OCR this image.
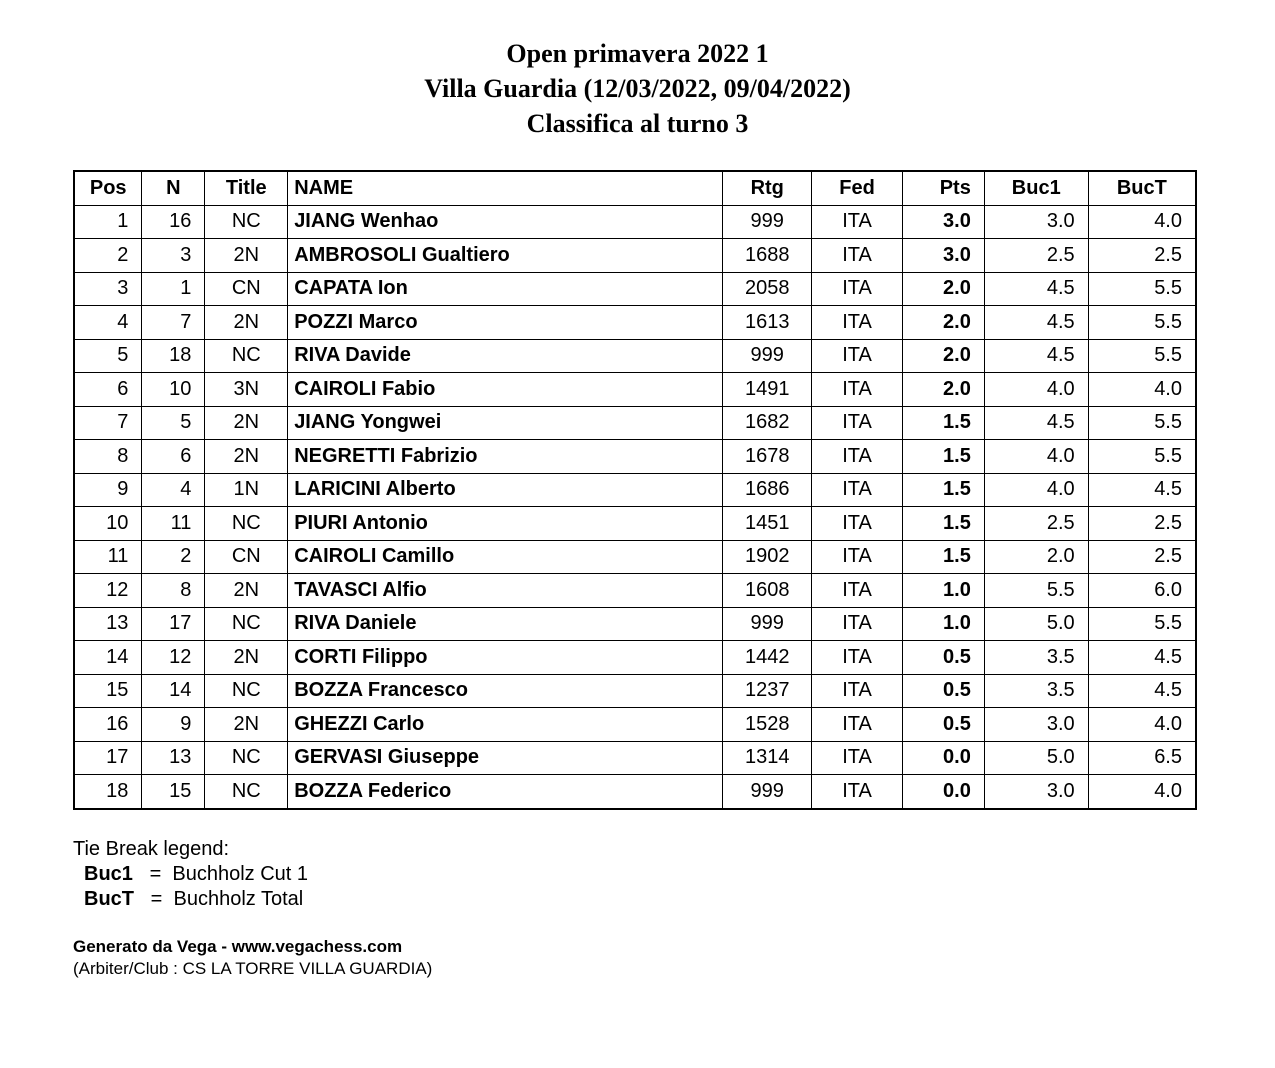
Open primavera 2022 1
Villa Guardia (12/03/2022, 09/04/2022)
Classifica al turno 3
Pos	N	Title	NAME	Rtg	Fed	Pts	Buc1	BucT
1	16	NC	JIANG Wenhao	999	ITA	3.0	3.0	4.0
2	3	2N	AMBROSOLI Gualtiero	1688	ITA	3.0	2.5	2.5
3	1	CN	CAPATA Ion	2058	ITA	2.0	4.5	5.5
4	7	2N	POZZI Marco	1613	ITA	2.0	4.5	5.5
5	18	NC	RIVA Davide	999	ITA	2.0	4.5	5.5
6	10	3N	CAIROLI Fabio	1491	ITA	2.0	4.0	4.0
7	5	2N	JIANG Yongwei	1682	ITA	1.5	4.5	5.5
8	6	2N	NEGRETTI Fabrizio	1678	ITA	1.5	4.0	5.5
9	4	1N	LARICINI Alberto	1686	ITA	1.5	4.0	4.5
10	11	NC	PIURI Antonio	1451	ITA	1.5	2.5	2.5
11	2	CN	CAIROLI Camillo	1902	ITA	1.5	2.0	2.5
12	8	2N	TAVASCI Alfio	1608	ITA	1.0	5.5	6.0
13	17	NC	RIVA Daniele	999	ITA	1.0	5.0	5.5
14	12	2N	CORTI Filippo	1442	ITA	0.5	3.5	4.5
15	14	NC	BOZZA Francesco	1237	ITA	0.5	3.5	4.5
16	9	2N	GHEZZI Carlo	1528	ITA	0.5	3.0	4.0
17	13	NC	GERVASI Giuseppe	1314	ITA	0.0	5.0	6.5
18	15	NC	BOZZA Federico	999	ITA	0.0	3.0	4.0
Tie Break legend:
Buc1 = Buchholz Cut 1
BucT = Buchholz Total
Generato da Vega - www.vegachess.com
(Arbiter/Club : CS LA TORRE VILLA GUARDIA)
